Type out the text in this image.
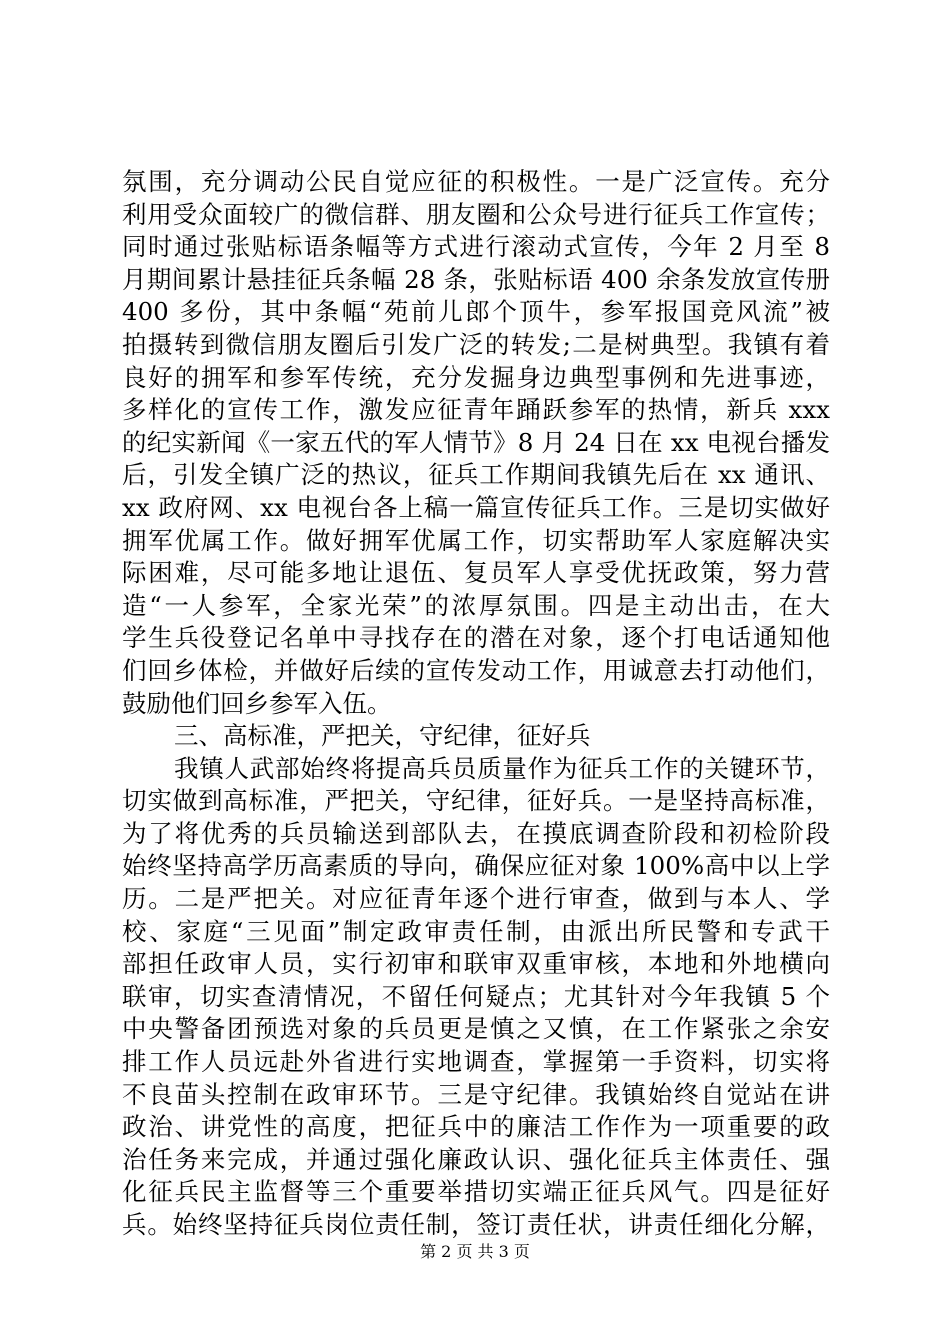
氛围，充分调动公民自觉应征的积极性。一是广泛宣传。充分
利用受众面较广的微信群、朋友圈和公众号进行征兵工作宣传；
同时通过张贴标语条幅等方式进行滚动式宣传，今年 2 月至 8
月期间累计悬挂征兵条幅 28 条，张贴标语 400 余条发放宣传册
400 多份，其中条幅“苑前儿郎个顶牛，参军报国竞风流”被
拍摄转到微信朋友圈后引发广泛的转发;二是树典型。我镇有着
良好的拥军和参军传统，充分发掘身边典型事例和先进事迹，
多样化的宣传工作，激发应征青年踊跃参军的热情，新兵 xxx
的纪实新闻《一家五代的军人情节》8 月 24 日在 xx 电视台播发
后，引发全镇广泛的热议，征兵工作期间我镇先后在 xx 通讯、
xx 政府网、xx 电视台各上稿一篇宣传征兵工作。三是切实做好
拥军优属工作。做好拥军优属工作，切实帮助军人家庭解决实
际困难，尽可能多地让退伍、复员军人享受优抚政策，努力营
造“一人参军，全家光荣”的浓厚氛围。四是主动出击，在大
学生兵役登记名单中寻找存在的潜在对象，逐个打电话通知他
们回乡体检，并做好后续的宣传发动工作，用诚意去打动他们，
鼓励他们回乡参军入伍。
三、高标准，严把关，守纪律，征好兵
我镇人武部始终将提高兵员质量作为征兵工作的关键环节，
切实做到高标准，严把关，守纪律，征好兵。一是坚持高标准，
为了将优秀的兵员输送到部队去，在摸底调查阶段和初检阶段
始终坚持高学历高素质的导向，确保应征对象 100%高中以上学
历。二是严把关。对应征青年逐个进行审查，做到与本人、学
校、家庭“三见面”制定政审责任制，由派出所民警和专武干
部担任政审人员，实行初审和联审双重审核，本地和外地横向
联审，切实查清情况，不留任何疑点；尤其针对今年我镇 5 个
中央警备团预选对象的兵员更是慎之又慎，在工作紧张之余安
排工作人员远赴外省进行实地调查，掌握第一手资料，切实将
不良苗头控制在政审环节。三是守纪律。我镇始终自觉站在讲
政治、讲党性的高度，把征兵中的廉洁工作作为一项重要的政
治任务来完成，并通过强化廉政认识、强化征兵主体责任、强
化征兵民主监督等三个重要举措切实端正征兵风气。四是征好
兵。始终坚持征兵岗位责任制，签订责任状，讲责任细化分解，
第 2 页 共 3 页
